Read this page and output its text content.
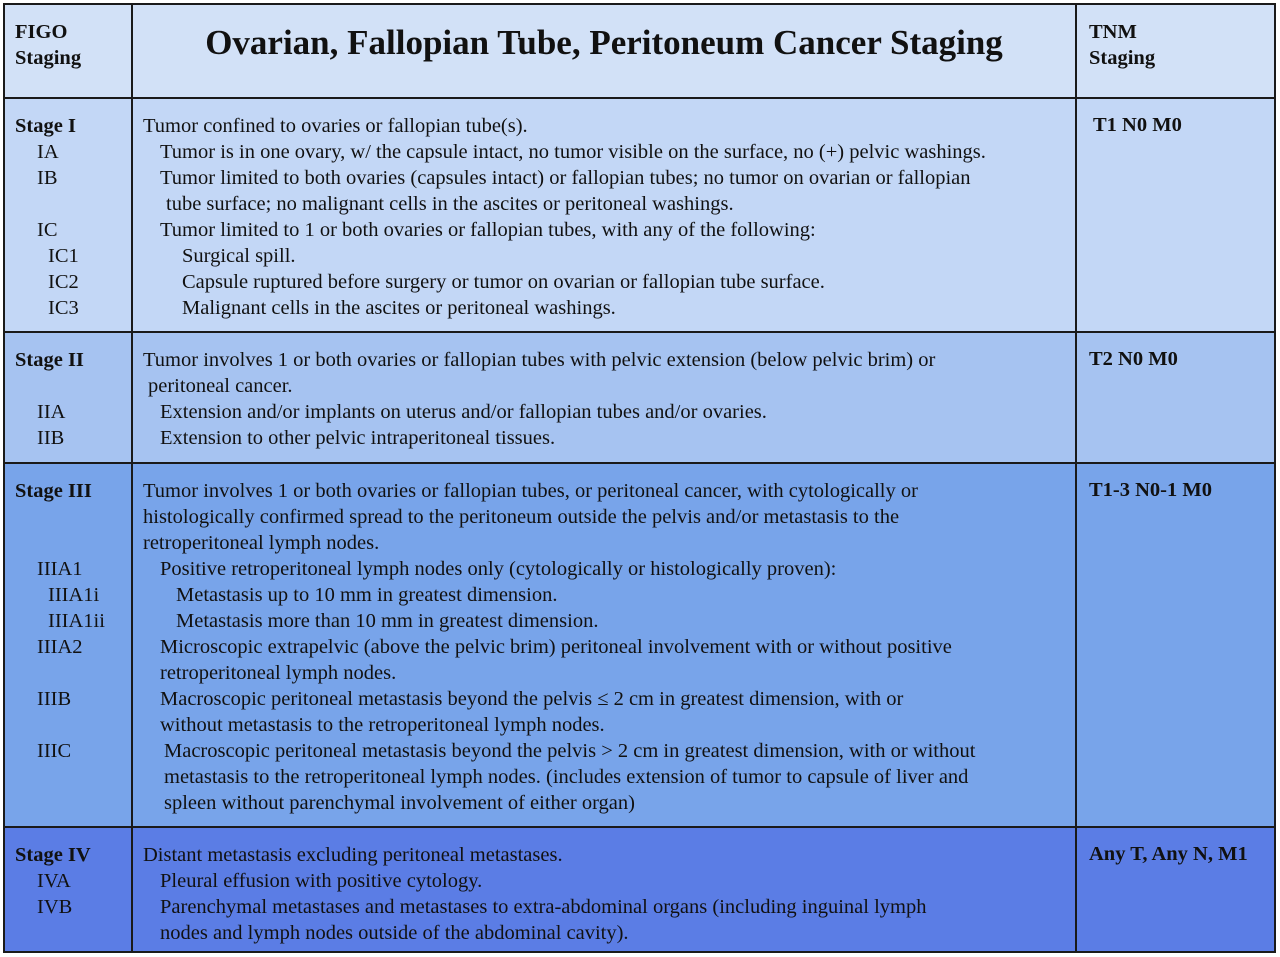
FIGO
Staging	Ovarian, Fallopian Tube, Peritoneum Cancer Staging	TNM
Staging
Stage I
IA
IB
IC
IC1
IC2
IC3
Tumor confined to ovaries or fallopian tube(s).
Tumor is in one ovary, w/ the capsule intact, no tumor visible on the surface, no (+) pelvic washings.
Tumor limited to both ovaries (capsules intact) or fallopian tubes; no tumor on ovarian or fallopian
tube surface; no malignant cells in the ascites or peritoneal washings.
Tumor limited to 1 or both ovaries or fallopian tubes, with any of the following:
Surgical spill.
Capsule ruptured before surgery or tumor on ovarian or fallopian tube surface.
Malignant cells in the ascites or peritoneal washings.
T1 N0 M0
Stage II
IIA
IIB
Tumor involves 1 or both ovaries or fallopian tubes with pelvic extension (below pelvic brim) or
peritoneal cancer.
Extension and/or implants on uterus and/or fallopian tubes and/or ovaries.
Extension to other pelvic intraperitoneal tissues.
T2 N0 M0
Stage III
IIIA1
IIIA1i
IIIA1ii
IIIA2
IIIB
IIIC
Tumor involves 1 or both ovaries or fallopian tubes, or peritoneal cancer, with cytologically or
histologically confirmed spread to the peritoneum outside the pelvis and/or metastasis to the
retroperitoneal lymph nodes.
Positive retroperitoneal lymph nodes only (cytologically or histologically proven):
Metastasis up to 10 mm in greatest dimension.
Metastasis more than 10 mm in greatest dimension.
Microscopic extrapelvic (above the pelvic brim) peritoneal involvement with or without positive
retroperitoneal lymph nodes.
Macroscopic peritoneal metastasis beyond the pelvis ≤ 2 cm in greatest dimension, with or
without metastasis to the retroperitoneal lymph nodes.
Macroscopic peritoneal metastasis beyond the pelvis > 2 cm in greatest dimension, with or without
metastasis to the retroperitoneal lymph nodes. (includes extension of tumor to capsule of liver and
spleen without parenchymal involvement of either organ)
T1-3 N0-1 M0
Stage IV
IVA
IVB
Distant metastasis excluding peritoneal metastases.
Pleural effusion with positive cytology.
Parenchymal metastases and metastases to extra-abdominal organs (including inguinal lymph
nodes and lymph nodes outside of the abdominal cavity).
Any T, Any N, M1
